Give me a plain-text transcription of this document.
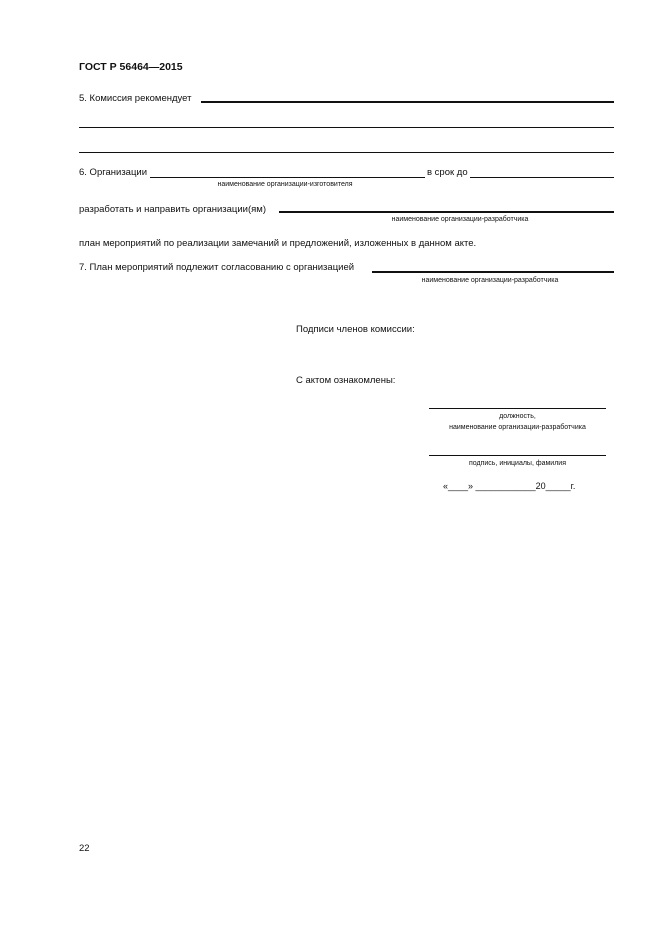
ГОСТ Р 56464—2015
5. Комиссия рекомендует
6. Организации	в срок до
наименование организации-изготовителя
разработать и направить организации(ям)
наименование организации-разработчика
план мероприятий по реализации замечаний и предложений, изложенных в данном акте.
7. План мероприятий подлежит согласованию с организацией
наименование организации-разработчика
Подписи членов комиссии:
С актом ознакомлены:
должность,
наименование организации-разработчика
подпись, инициалы, фамилия
«____» ____________20_____г.
22
